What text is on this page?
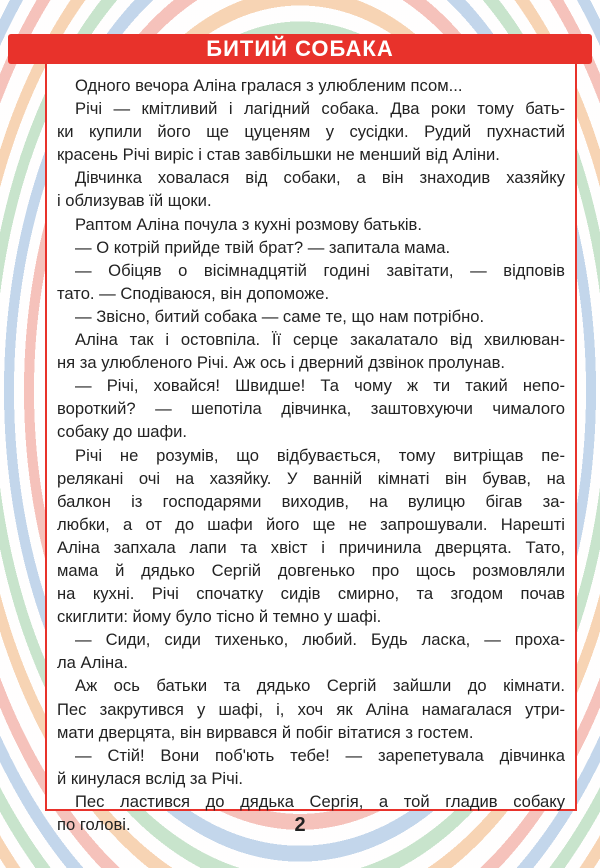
БИТИЙ СОБАКА
Одного вечора Аліна гралася з улюбленим псом...
Річі — кмітливий і лагідний собака. Два роки тому бать-
ки купили його ще цуценям у сусідки. Рудий пухнастий
красень Річі виріс і став завбільшки не менший від Аліни.
Дівчинка ховалася від собаки, а він знаходив хазяйку
і облизував їй щоки.
Раптом Аліна почула з кухні розмову батьків.
— О котрій прийде твій брат? — запитала мама.
— Обіцяв о вісімнадцятій годині завітати, — відповів
тато. — Сподіваюся, він допоможе.
— Звісно, битий собака — саме те, що нам потрібно.
Аліна так і остовпіла. Її серце закалатало від хвилюван-
ня за улюбленого Річі. Аж ось і дверний дзвінок пролунав.
— Річі, ховайся! Швидше! Та чому ж ти такий непо-
вороткий? — шепотіла дівчинка, заштовхуючи чималого
собаку до шафи.
Річі не розумів, що відбувається, тому витріщав пе-
релякані очі на хазяйку. У ванній кімнаті він бував, на
балкон із господарями виходив, на вулицю бігав за-
любки, а от до шафи його ще не запрошували. Нарешті
Аліна запхала лапи та хвіст і причинила дверцята. Тато,
мама й дядько Сергій довгенько про щось розмовляли
на кухні. Річі спочатку сидів смирно, та згодом почав
скиглити: йому було тісно й темно у шафі.
— Сиди, сиди тихенько, любий. Будь ласка, — проха-
ла Аліна.
Аж ось батьки та дядько Сергій зайшли до кімнати.
Пес закрутився у шафі, і, хоч як Аліна намагалася утри-
мати дверцята, він вирвався й побіг вітатися з гостем.
— Стій! Вони поб'ють тебе! — зарепетувала дівчинка
й кинулася вслід за Річі.
Пес ластився до дядька Сергія, а той гладив собаку
по голові.	2
